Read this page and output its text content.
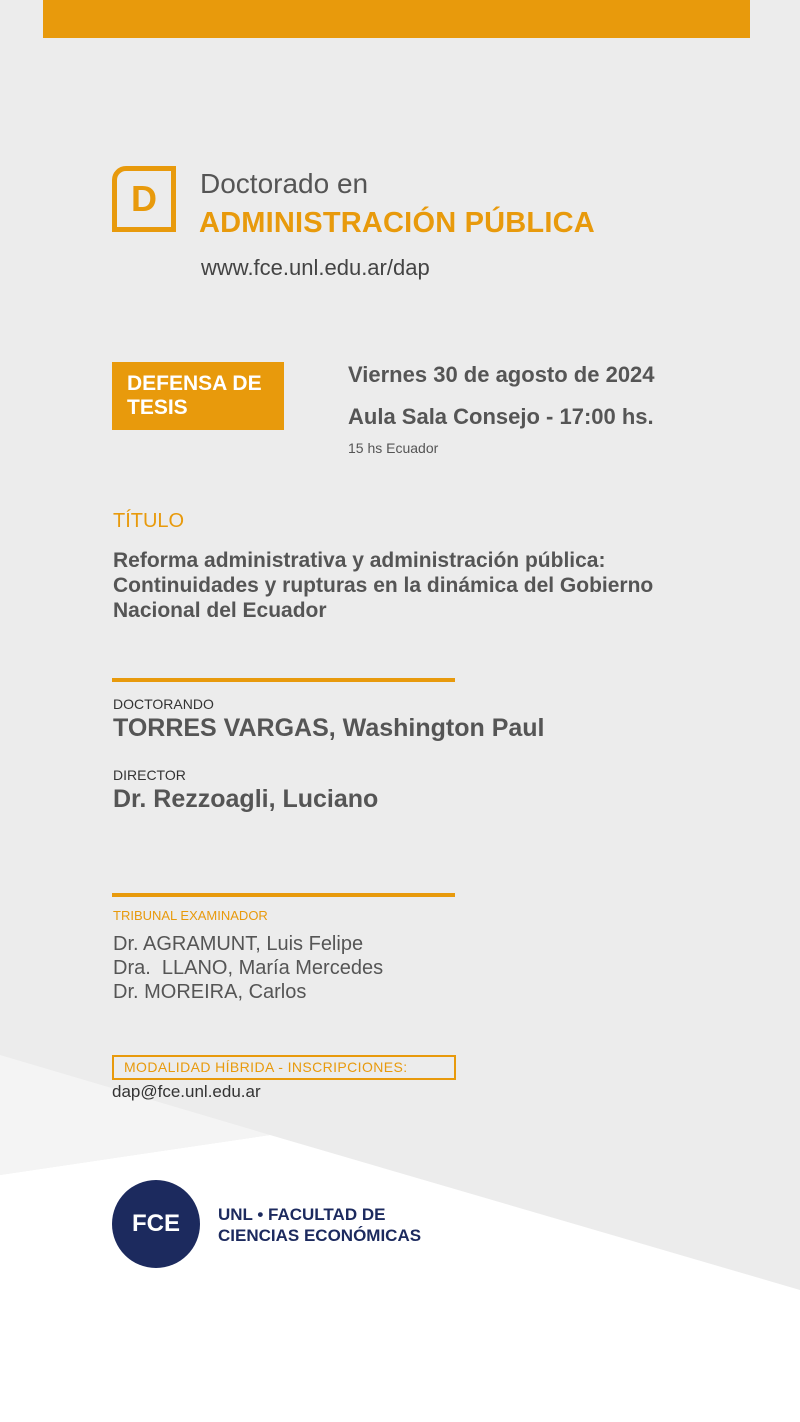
D Doctorado en
ADMINISTRACIÓN PÚBLICA
www.fce.unl.edu.ar/dap
DEFENSA DE
TESIS
Viernes 30 de agosto de 2024
Aula Sala Consejo - 17:00 hs.
15 hs Ecuador
TÍTULO
Reforma administrativa y administración pública: Continuidades y rupturas en la dinámica del Gobierno Nacional del Ecuador
DOCTORANDO
TORRES VARGAS, Washington Paul
DIRECTOR
Dr. Rezzoagli, Luciano
TRIBUNAL EXAMINADOR
Dr. AGRAMUNT, Luis Felipe
Dra.  LLANO, María Mercedes
Dr. MOREIRA, Carlos
MODALIDAD HÍBRIDA - INSCRIPCIONES:
dap@fce.unl.edu.ar
FCE UNL • FACULTAD DE
CIENCIAS ECONÓMICAS
